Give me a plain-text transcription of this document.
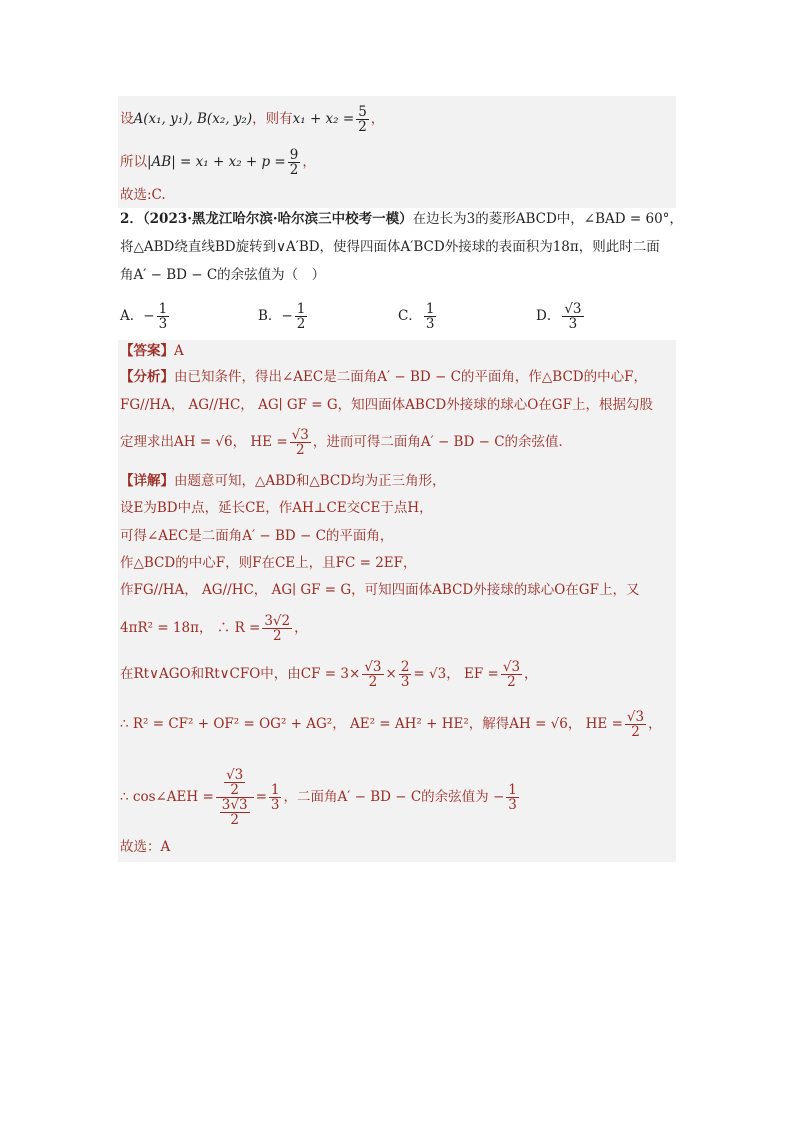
设A(x₁, y₁), B(x₂, y₂)，则有$x_1 + x_2 = \frac{5}{2}$ ，
所以$|AB| = x_1 + x_2 + p = \frac{9}{2}$ ，
故选:C.
2．（2023·黑龙江哈尔滨·哈尔滨三中校考一模）在边长为3的菱形ABCD中，∠BAD = 60°，
将△ABD绕直线BD旋转到∨A′BD，使得四面体A′BCD外接球的表面积为18π，则此时二面
角A′ − BD − C的余弦值为（　）
A．− $\frac{1}{3}$	B．− $\frac{1}{2}$	C． $\frac{1}{3}$	D． $\frac{√3}{3}$
【答案】A
【分析】由已知条件，得出∠AEC是二面角A′ − BD − C的平面角，作△BCD的中心F，
FG//HA， AG//HC， AG∣ GF = G，知四面体ABCD外接球的球心O在GF上，根据勾股
定理求出AH = √6， HE = $\frac{√3}{2}$ ，进而可得二面角A′ − BD − C的余弦值．
【详解】由题意可知，△ABD和△BCD均为正三角形，
设E为BD中点，延长CE，作AH⊥CE交CE于点H，
可得∠AEC是二面角A′ − BD − C的平面角，
作△BCD的中心F，则F在CE上，且FC = 2EF，
作FG//HA， AG//HC， AG∣ GF = G，可知四面体ABCD外接球的球心O在GF上，又
4πR² = 18π， ∴ $R = \frac{3√2}{2}$ ，
在Rt∨AGO和Rt∨CFO中，由CF = $3\times \frac{√3}{2} \times \frac{2}{3} = √3$， EF = $\frac{√3}{2}$ ，
∴ R² = CF² + OF² = OG² + AG²， AE² = AH² + HE²，解得AH = √6， HE = $\frac{√3}{2}$ ，
∴ cos∠AEH = $\frac{\frac{√3}{2}}{\frac{3√3}{2}} = \frac{1}{3}$ ，二面角A′ − BD − C的余弦值为 − $\frac{1}{3}$
故选：A
